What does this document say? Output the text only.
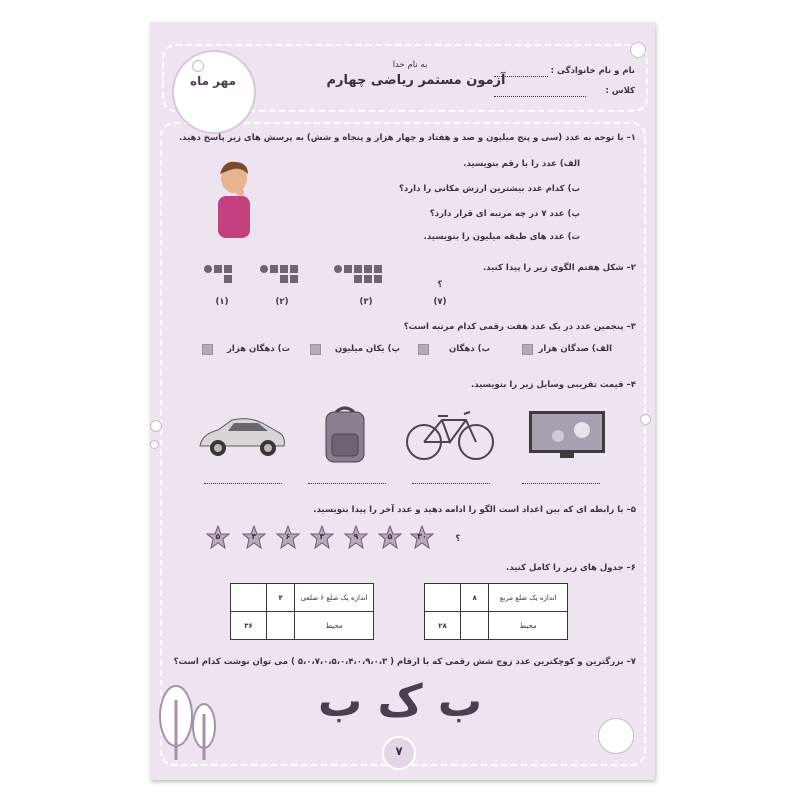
مهر ماه
به نام خدا
آزمون مستمر ریاضی چهارم
نام و نام خانوادگی :
کلاس :
۱– با توجه به عدد (سی و پنج میلیون و صد و هفتاد و چهار هزار و پنجاه و شش) به پرسش های زیر پاسخ دهید.
الف) عدد را با رقم بنویسید.
ب) کدام عدد بیشترین ارزش مکانی را دارد؟
پ) عدد ۷ در چه مرتبه ای قرار دارد؟
ت) عدد های طبقه میلیون را بنویسید.
۲– شکل هفتم الگوی زیر را پیدا کنید.
(۱)	(۲)	(۳)	(۷)
؟
۳– پنجمین عدد در یک عدد هفت رقمی کدام مرتبه است؟
الف) صدگان هزار
ب) دهگان
پ) یکان میلیون
ت) دهگان هزار
۴– قیمت تقریبی وسایل زیر را بنویسید.
۵– با رابطه ای که بین اعداد است الگو را ادامه دهید و عدد آخر را پیدا بنویسید.
؟
۳۰
۵
۹
۳
۶
۳
۵
۶– جدول های زیر را کامل کنید.
	۴	اندازه یک ضلع ۶ ضلعی
۳۶		محیط
	۸	اندازه یک ضلع مربع
۲۸		محیط
۷– بزرگترین و کوچکترین عدد زوج شش رقمی که با ارقام ( ۵،۰،۷،۰،۵،۰،۴،۰،۹،۰،۳ ) می توان نوشت کدام است؟
ب ک ب
۷
